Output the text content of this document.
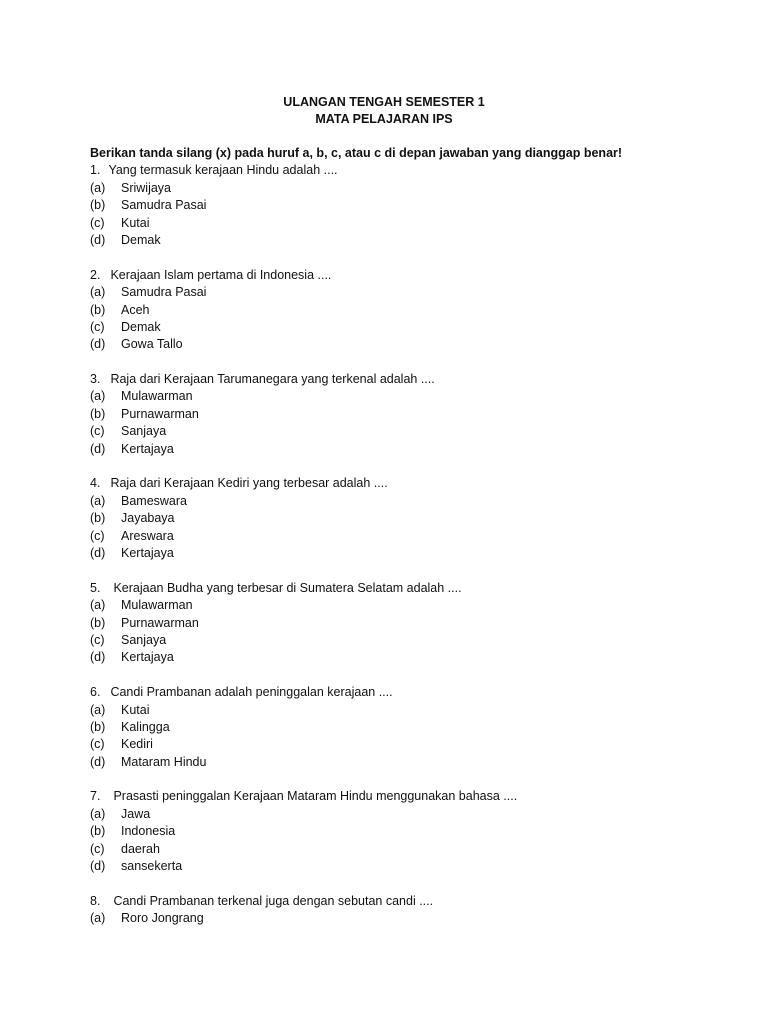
ULANGAN TENGAH SEMESTER 1
MATA PELAJARAN IPS
Berikan tanda silang (x) pada huruf a, b, c, atau c di depan jawaban yang dianggap benar!
1. Yang termasuk kerajaan Hindu adalah ....
(a)	Sriwijaya
(b)	Samudra Pasai
(c)	Kutai
(d)	Demak
2. Kerajaan Islam pertama di Indonesia ....
(a)	Samudra Pasai
(b)	Aceh
(c)	Demak
(d)	Gowa Tallo
3. Raja dari Kerajaan Tarumanegara yang terkenal adalah ....
(a)	Mulawarman
(b)	Purnawarman
(c)	Sanjaya
(d)	Kertajaya
4. Raja dari Kerajaan Kediri yang terbesar adalah ....
(a)	Bameswara
(b)	Jayabaya
(c)	Areswara
(d)	Kertajaya
5. Kerajaan Budha yang terbesar di Sumatera Selatam adalah ....
(a)	Mulawarman
(b)	Purnawarman
(c)	Sanjaya
(d)	Kertajaya
6. Candi Prambanan adalah peninggalan kerajaan ....
(a)	Kutai
(b)	Kalingga
(c)	Kediri
(d)	Mataram Hindu
7. Prasasti peninggalan Kerajaan Mataram Hindu menggunakan bahasa ....
(a)	Jawa
(b)	Indonesia
(c)	daerah
(d)	sansekerta
8. Candi Prambanan terkenal juga dengan sebutan candi ....
(a)	Roro Jongrang
